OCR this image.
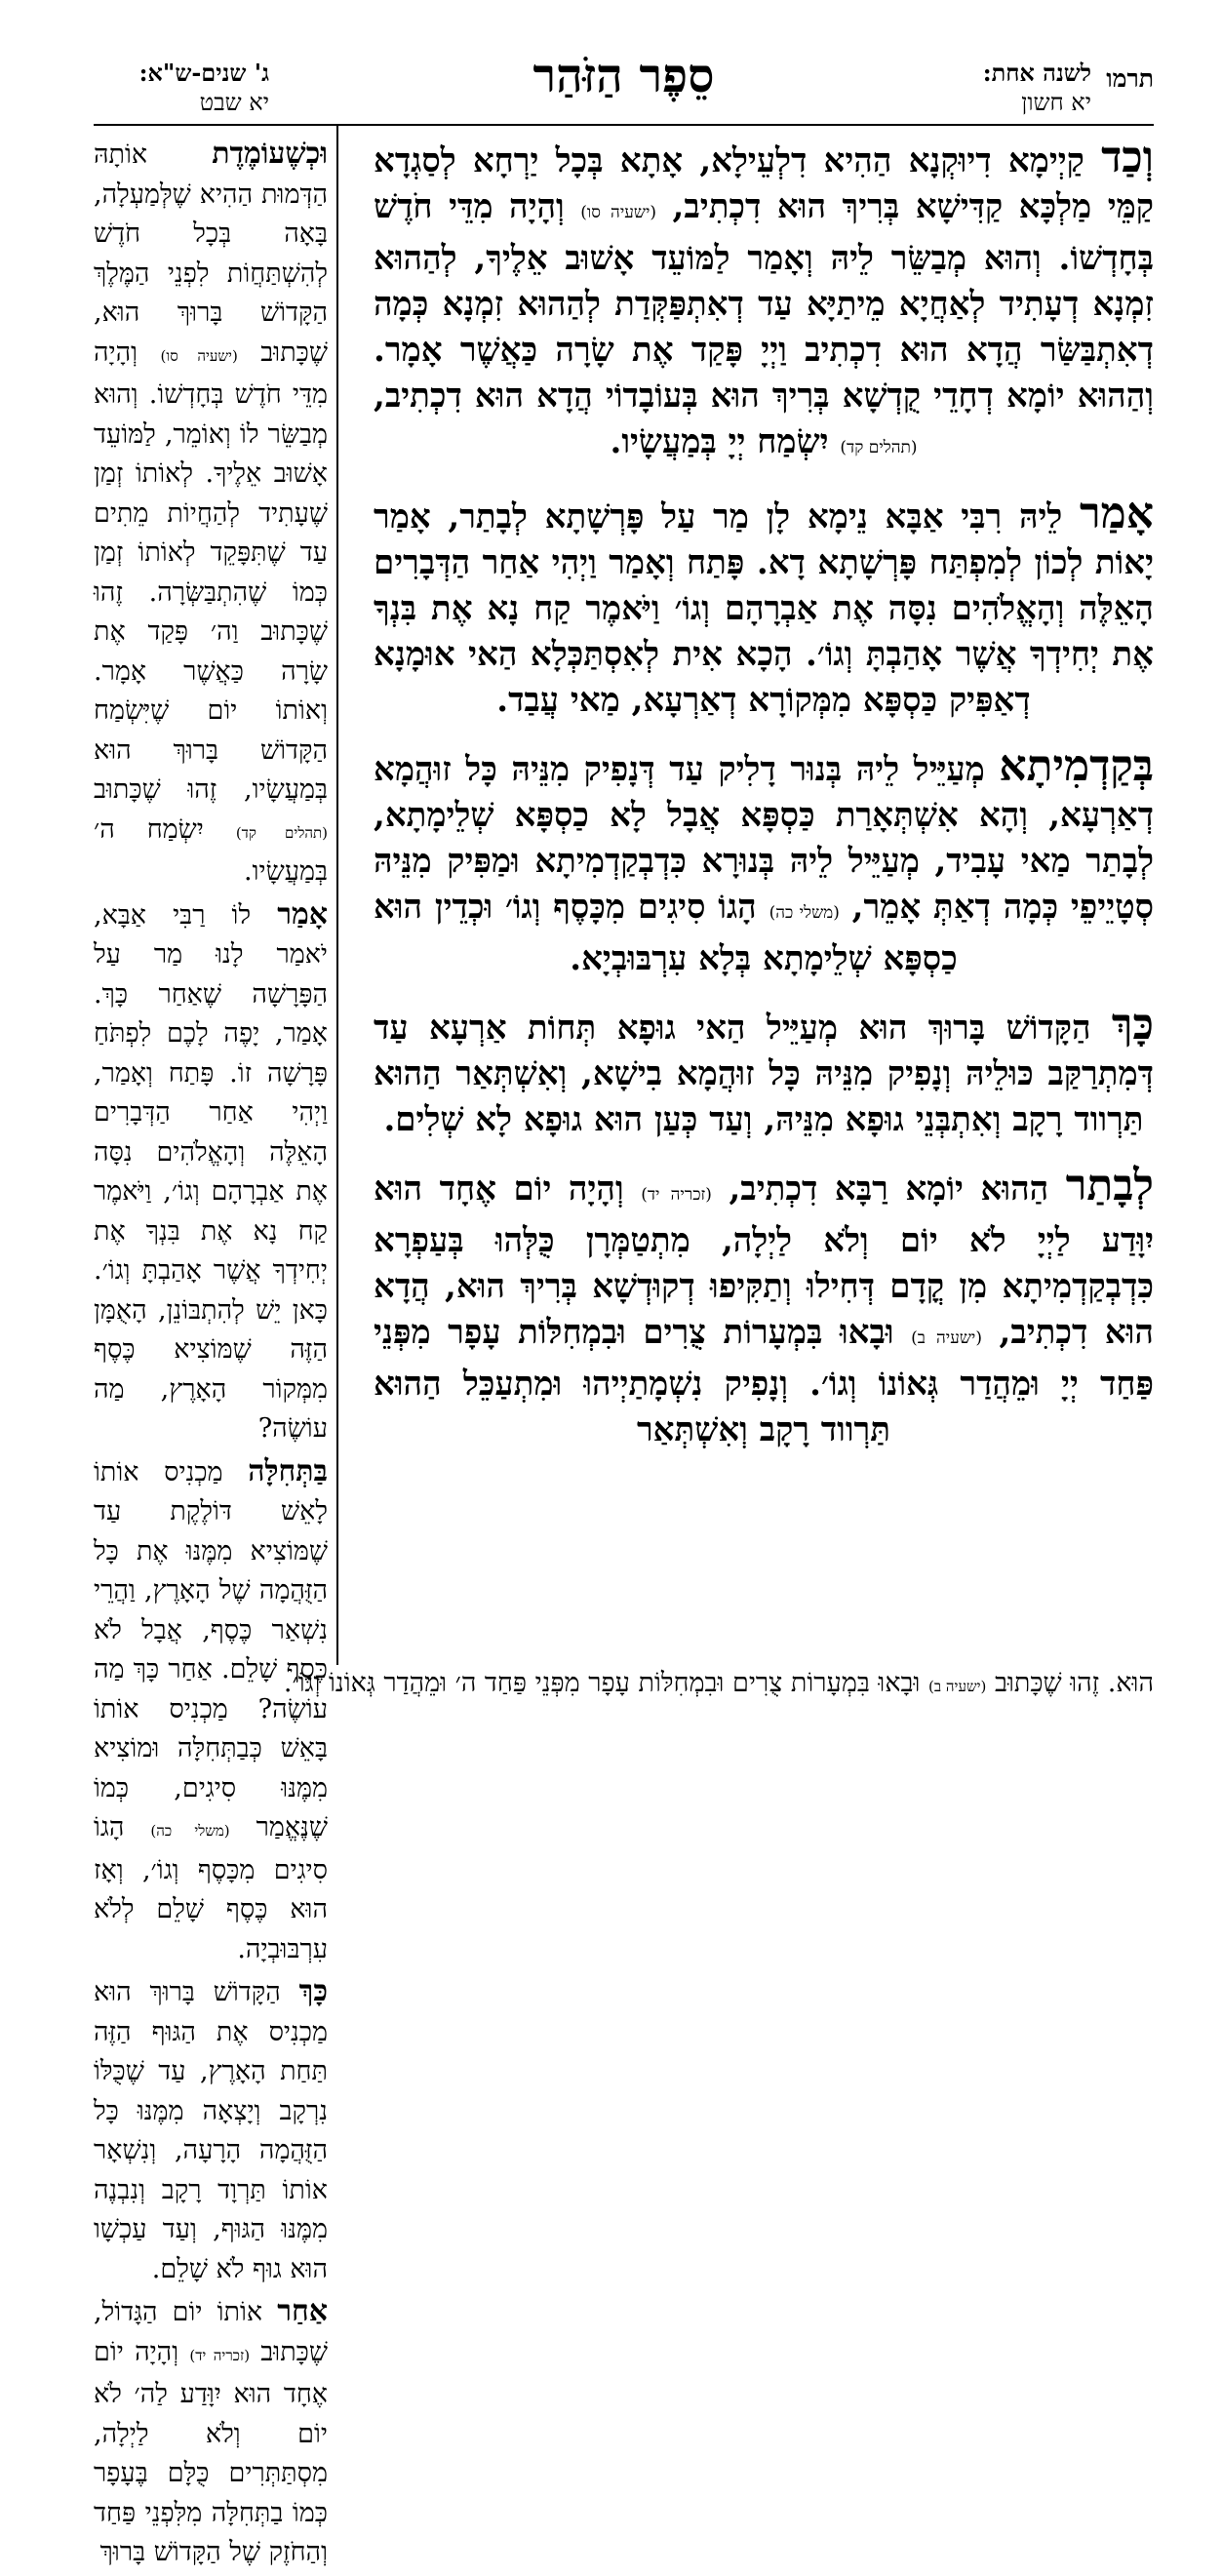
תרמו
לשנה אחת:
יא חשון
סֵפֶר הַזֹּהַר
ג' שנים-ש"א:
יא שבט

וְכַד קַיְימָא דִיוּקְנָא הַהִיא דִלְעֵילָא, אָתָא בְּכָל יַרְחָא לְסַגְדָא קַמֵּי מַלְכָּא קַדִּישָׁא בְּרִיךְ הוּא דִכְתִיב, (ישעיה סו) וְהָיָה מִדֵּי חֹדֶשׁ בְּחָדְשׁוֹ. וְהוּא מְבַשֵּׂר לֵיהּ וְאָמַר לַמּוֹעֵד אָשׁוּב אֵלֶיךָ, לְהַהוּא זִמְנָא דְעָתִיד לְאַחֲיָא מֵיתַיָּא עַד דְאִתְפַּקְּדַת לְהַהוּא זִמְנָא כְּמָה דְאִתְבַּשַּׂר הֲדָא הוּא דִכְתִיב וַיְיָ פָּקַד אֶת שָׂרָה כַּאֲשֶׁר אָמָר. וְהַהוּא יוֹמָא דְחָדֵי קֻדְשָׁא בְּרִיךְ הוּא בְּעוֹבָדוֹי הֲדָא הוּא דִכְתִיב, (תהלים קד) יִשְׂמַח יְיָ בְּמַעֲשָׂיו.

אָמַר לֵיהּ רִבִּי אַבָּא נֵימָא לָן מַר עַל פָּרְשָׁתָא לְבָתַר, אָמַר יָאוֹת לְכוֹן לְמִפְתַּח פָּרְשָׁתָא דָא. פָּתַח וְאָמַר וַיְהִי אַחַר הַדְּבָרִים הָאֵלֶּה וְהָאֱלֹהִים נִסָּה אֶת אַבְרָהָם וְגוֹ׳ וַיֹּאמֶר קַח נָא אֶת בִּנְךָ אֶת יְחִידְךָ אֲשֶׁר אָהַבְתָּ וְגוֹ׳. הָכָא אִית לְאִסְתַּכְּלָא הַאי אוּמָנָא דְאַפִּיק כַּסְפָּא מִמְּקוֹרָא דְאַרְעָא, מַאי עֲבַד.

בְּקַדְמִיתָא מְעַיֵּיל לֵיהּ בְּנוּר דָלִיק עַד דְּנָפִיק מִנֵּיהּ כָּל זוּהֲמָא דְאַרְעָא, וְהָא אִשְׁתְּאָרַת כַּסְפָּא אֲבָל לָא כַסְפָּא שְׁלֵימָתָא, לְבָתַר מַאי עָבִיד, מְעַיֵּיל לֵיהּ בְּנוּרָא כִּדְבְקַדְמִיתָא וּמַפִּיק מִנֵּיהּ סְטָיֵיפֵי כְּמָה דְאַתְּ אָמֵר, (משלי כה) הָגוֹ סִיגִים מִכָּסֶף וְגוֹ׳ וּכְדֵין הוּא כַסְפָּא שְׁלֵימָתָא בְּלָא עִרְבּוּבְיָא.

כָּךְ הַקָּדוֹשׁ בָּרוּךְ הוּא מְעַיֵּיל הַאי גוּפָא תְּחוֹת אַרְעָא עַד דְּמִתְרַקַּב כּוּלֵיהּ וְנָפִיק מִנֵּיהּ כָּל זוּהֲמָא בִישָׁא, וְאִשְׁתְּאַר הַהוּא תַּרְווד רָקָב וְאִתְבְּנֵי גוּפָא מִנֵּיהּ, וְעַד כְּעַן הוּא גוּפָא לָא שְׁלִים.

לְבָתַר הַהוּא יוֹמָא רַבָּא דִכְתִיב, (זכריה יד) וְהָיָה יוֹם אֶחָד הוּא יִוָּדַע לַיְיָ לֹא יוֹם וְלֹא לַיְלָה, מִתְטַמְּרָן כֻּלְּהוּ בְּעַפְרָא כִּדְבְקַדְמִיתָא מִן קֳדָם דְּחִילוּ וְתַקִּיפוּ דְקוּדְשָׁא בְּרִיךְ הוּא, הֲדָא הוּא דִכְתִיב, (ישעיה ב) וּבָאוּ בִּמְעָרוֹת צֻרִים וּבִמְחִלּוֹת עָפָר מִפְּנֵי פַּחַד יְיָ וּמֵהֲדַר גְּאוֹנוֹ וְגוֹ׳. וְנָפִיק נִשְׁמָתַיְיהוּ וּמִתְעַכֵּל הַהוּא תַּרְווד רָקָב וְאִשְׁתְּאַר

וּכְשֶׁעוֹמֶדֶת אוֹתָהּ הַדְּמוּת הַהִיא שֶׁלְּמַעְלָה, בָּאָה בְּכָל חֹדֶשׁ לְהִשְׁתַּחֲוֹת לִפְנֵי הַמֶּלֶךְ הַקָּדוֹשׁ בָּרוּךְ הוּא, שֶׁכָּתוּב (ישעיה סו) וְהָיָה מִדֵּי חֹדֶשׁ בְּחָדְשׁוֹ. וְהוּא מְבַשֵּׂר לוֹ וְאוֹמֵר, לַמּוֹעֵד אָשׁוּב אֵלֶיךָ. לְאוֹתוֹ זְמַן שֶׁעָתִיד לְהַחֲיוֹת מֵתִים עַד שֶׁתִּפָּקֵד לְאוֹתוֹ זְמַן כְּמוֹ שֶׁהִתְבַּשְּׂרָה. זֶהוּ שֶׁכָּתוּב וַה׳ פָּקַד אֶת שָׂרָה כַּאֲשֶׁר אָמָר. וְאוֹתוֹ יוֹם שֶׁיִּשְׂמַח הַקָּדוֹשׁ בָּרוּךְ הוּא בְּמַעֲשָׂיו, זֶהוּ שֶׁכָּתוּב (תהלים קד) יִשְׂמַח ה׳ בְּמַעֲשָׂיו.

אָמַר לוֹ רַבִּי אַבָּא, יֹאמַר לָנוּ מַר עַל הַפָּרָשָׁה שֶׁאַחַר כָּךְ. אָמַר, יָפֶה לָכֶם לִפְתֹּחַ פָּרָשָׁה זוֹ. פָּתַח וְאָמַר, וַיְהִי אַחַר הַדְּבָרִים הָאֵלֶּה וְהָאֱלֹהִים נִסָּה אֶת אַבְרָהָם וְגוֹ׳, וַיֹּאמֶר קַח נָא אֶת בִּנְךָ אֶת יְחִידְךָ אֲשֶׁר אָהַבְתָּ וְגוֹ׳. כָּאן יֵשׁ לְהִתְבּוֹנֵן, הָאֻמָּן הַזֶּה שֶׁמּוֹצִיא כֶּסֶף מִמְּקוֹר הָאָרֶץ, מַה עוֹשֶׂה?

בַּתְּחִלָּה מַכְנִיס אוֹתוֹ לָאֵשׁ דּוֹלֶקֶת עַד שֶׁמּוֹצִיא מִמֶּנּוּ אֶת כָּל הַזֻּהֲמָה שֶׁל הָאָרֶץ, וַהֲרֵי נִשְׁאַר כֶּסֶף, אֲבָל לֹא כֶּסֶף שָׁלֵם. אַחַר כָּךְ מַה עוֹשֶׂה? מַכְנִיס אוֹתוֹ בָּאֵשׁ כְּבַתְּחִלָּה וּמוֹצִיא מִמֶּנּוּ סִיגִים, כְּמוֹ שֶׁנֶּאֱמַר (משלי כה) הָגוֹ סִיגִים מִכָּסֶף וְגוֹ׳, וְאָז הוּא כֶּסֶף שָׁלֵם לְלֹא עִרְבּוּבְיָה.

כָּךְ הַקָּדוֹשׁ בָּרוּךְ הוּא מַכְנִיס אֶת הַגּוּף הַזֶּה תַּחַת הָאָרֶץ, עַד שֶׁכֻּלּוֹ נִרְקָב וְיָצְאָה מִמֶּנּוּ כָּל הַזֻּהֲמָה הָרָעָה, וְנִשְׁאָר אוֹתוֹ תַּרְוָד רָקָב וְנִבְנֶה מִמֶּנּוּ הַגּוּף, וְעַד עַכְשָׁו הוּא גוּף לֹא שָׁלֵם.

אַחַר אוֹתוֹ יוֹם הַגָּדוֹל, שֶׁכָּתוּב (זכריה יד) וְהָיָה יוֹם אֶחָד הוּא יִוָּדַע לַה׳ לֹא יוֹם וְלֹא לַיְלָה, מִסְתַּתְּרִים כֻּלָּם בֶּעָפָר כְּמוֹ בַתְּחִלָּה מִלִּפְנֵי פַּחַד וְהַחֹזֶק שֶׁל הַקָּדוֹשׁ בָּרוּךְ

הוּא. זֶהוּ שֶׁכָּתוּב (ישעיה ב) וּבָאוּ בִּמְעָרוֹת צֻרִים וּבִמְחִלּוֹת עָפָר מִפְּנֵי פַּחַד ה׳ וּמֵהֲדַר גְּאוֹנוֹ וְגוֹ׳.
